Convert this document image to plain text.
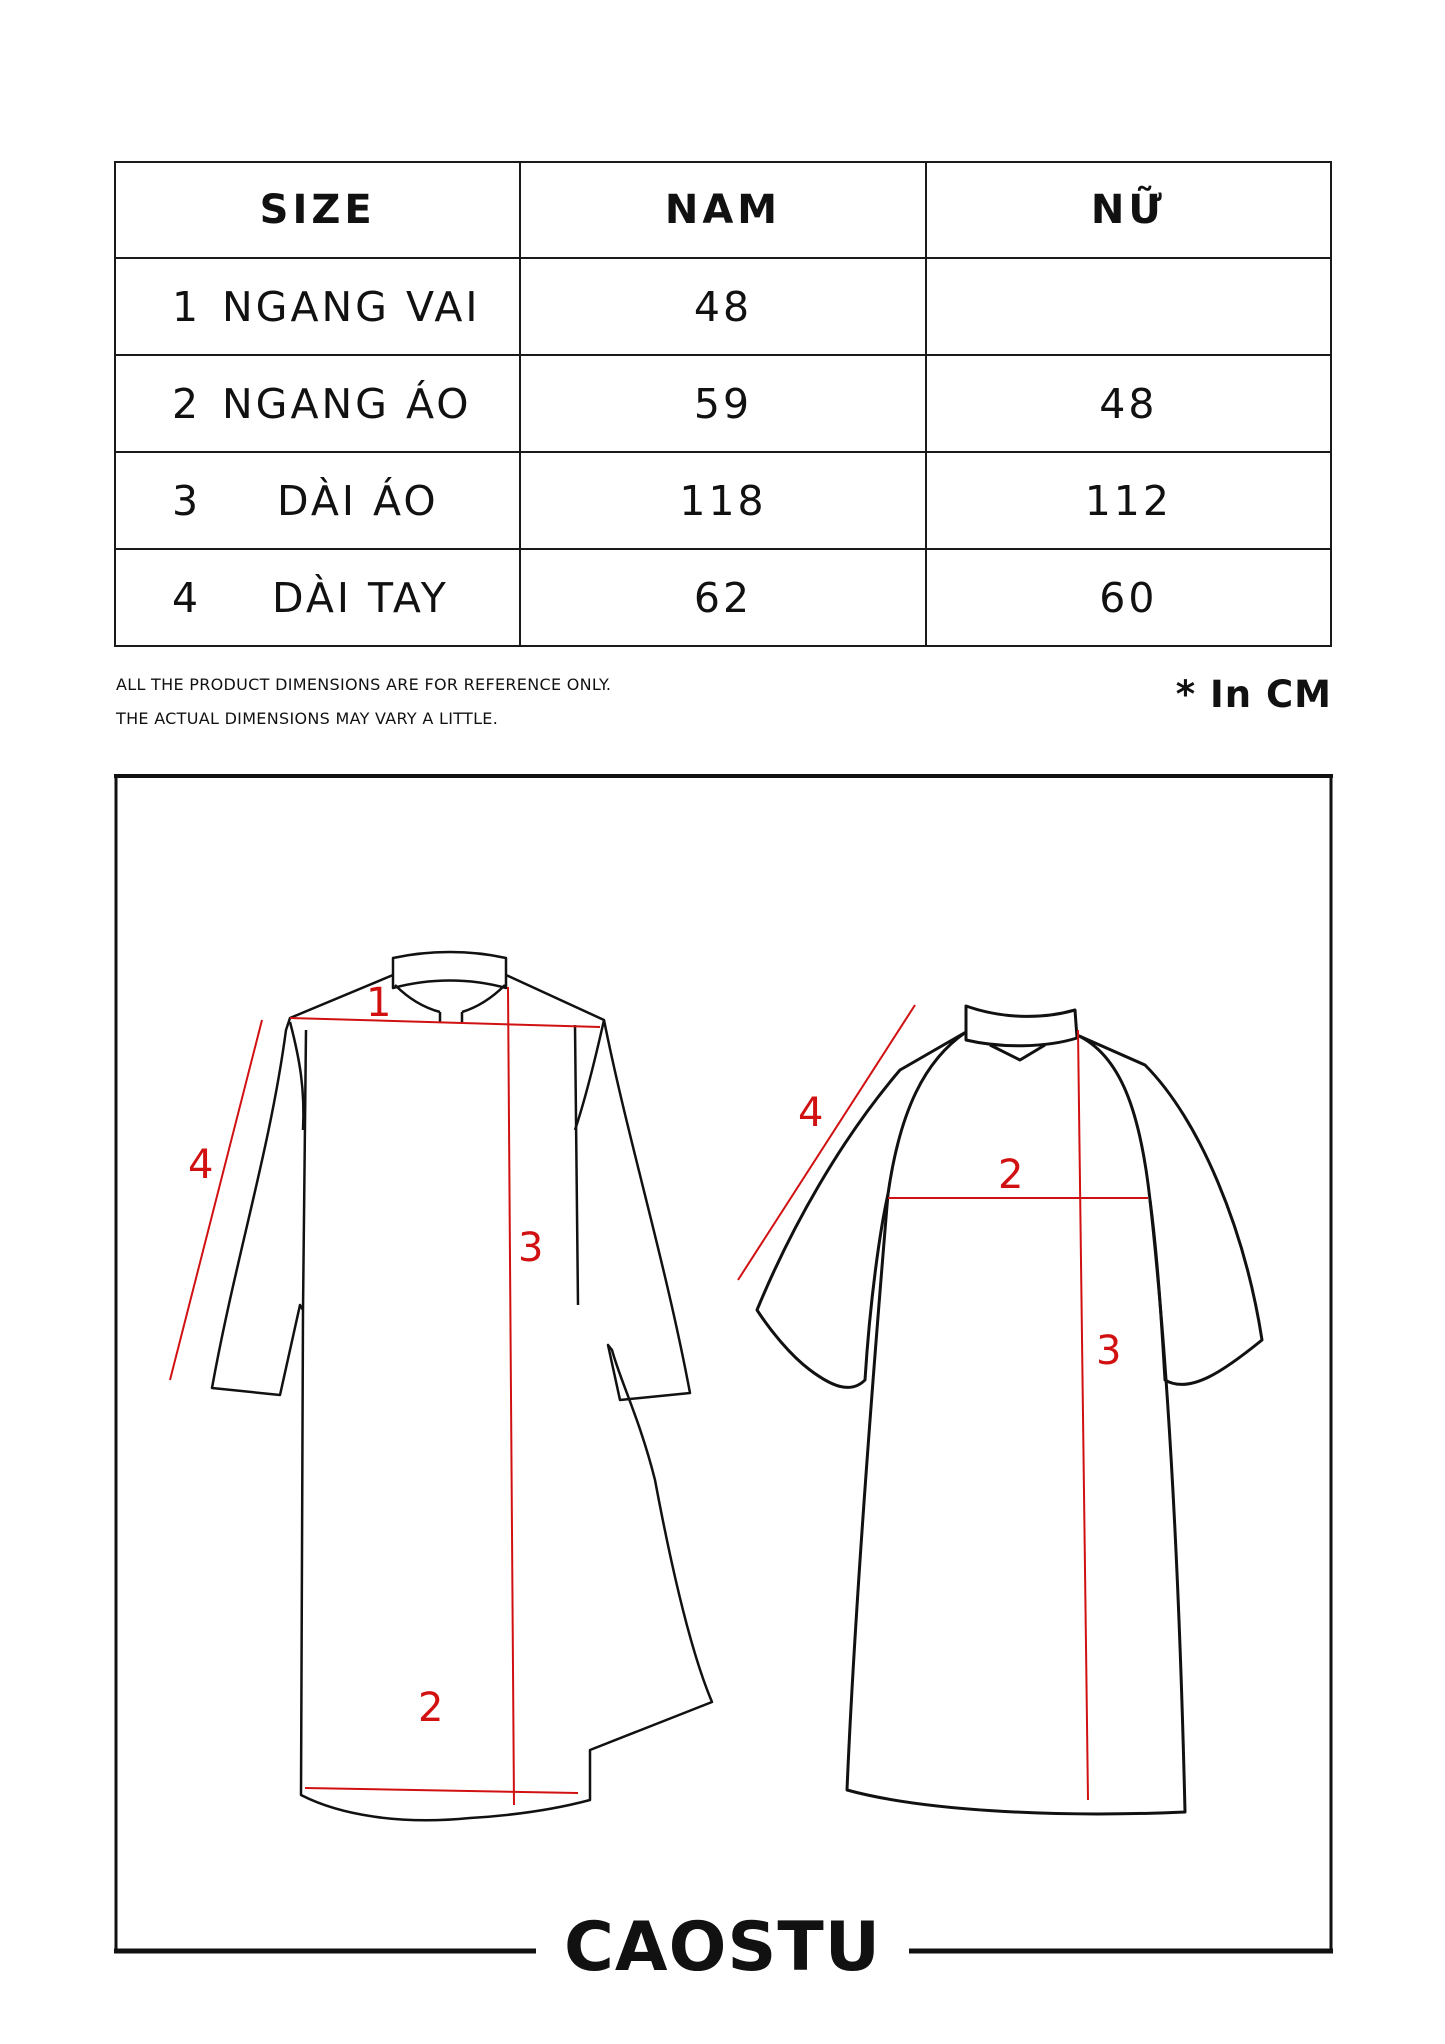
SIZE	NAM	NỮ
1 NGANG VAI	48	
2 NGANG ÁO	59	48
3 DÀI ÁO	118	112
4 DÀI TAY	62	60
ALL THE PRODUCT DIMENSIONS ARE FOR REFERENCE ONLY.
THE ACTUAL DIMENSIONS MAY VARY A LITTLE.
* In CM
1
2
3
4	2
3
4
CAOSTU
